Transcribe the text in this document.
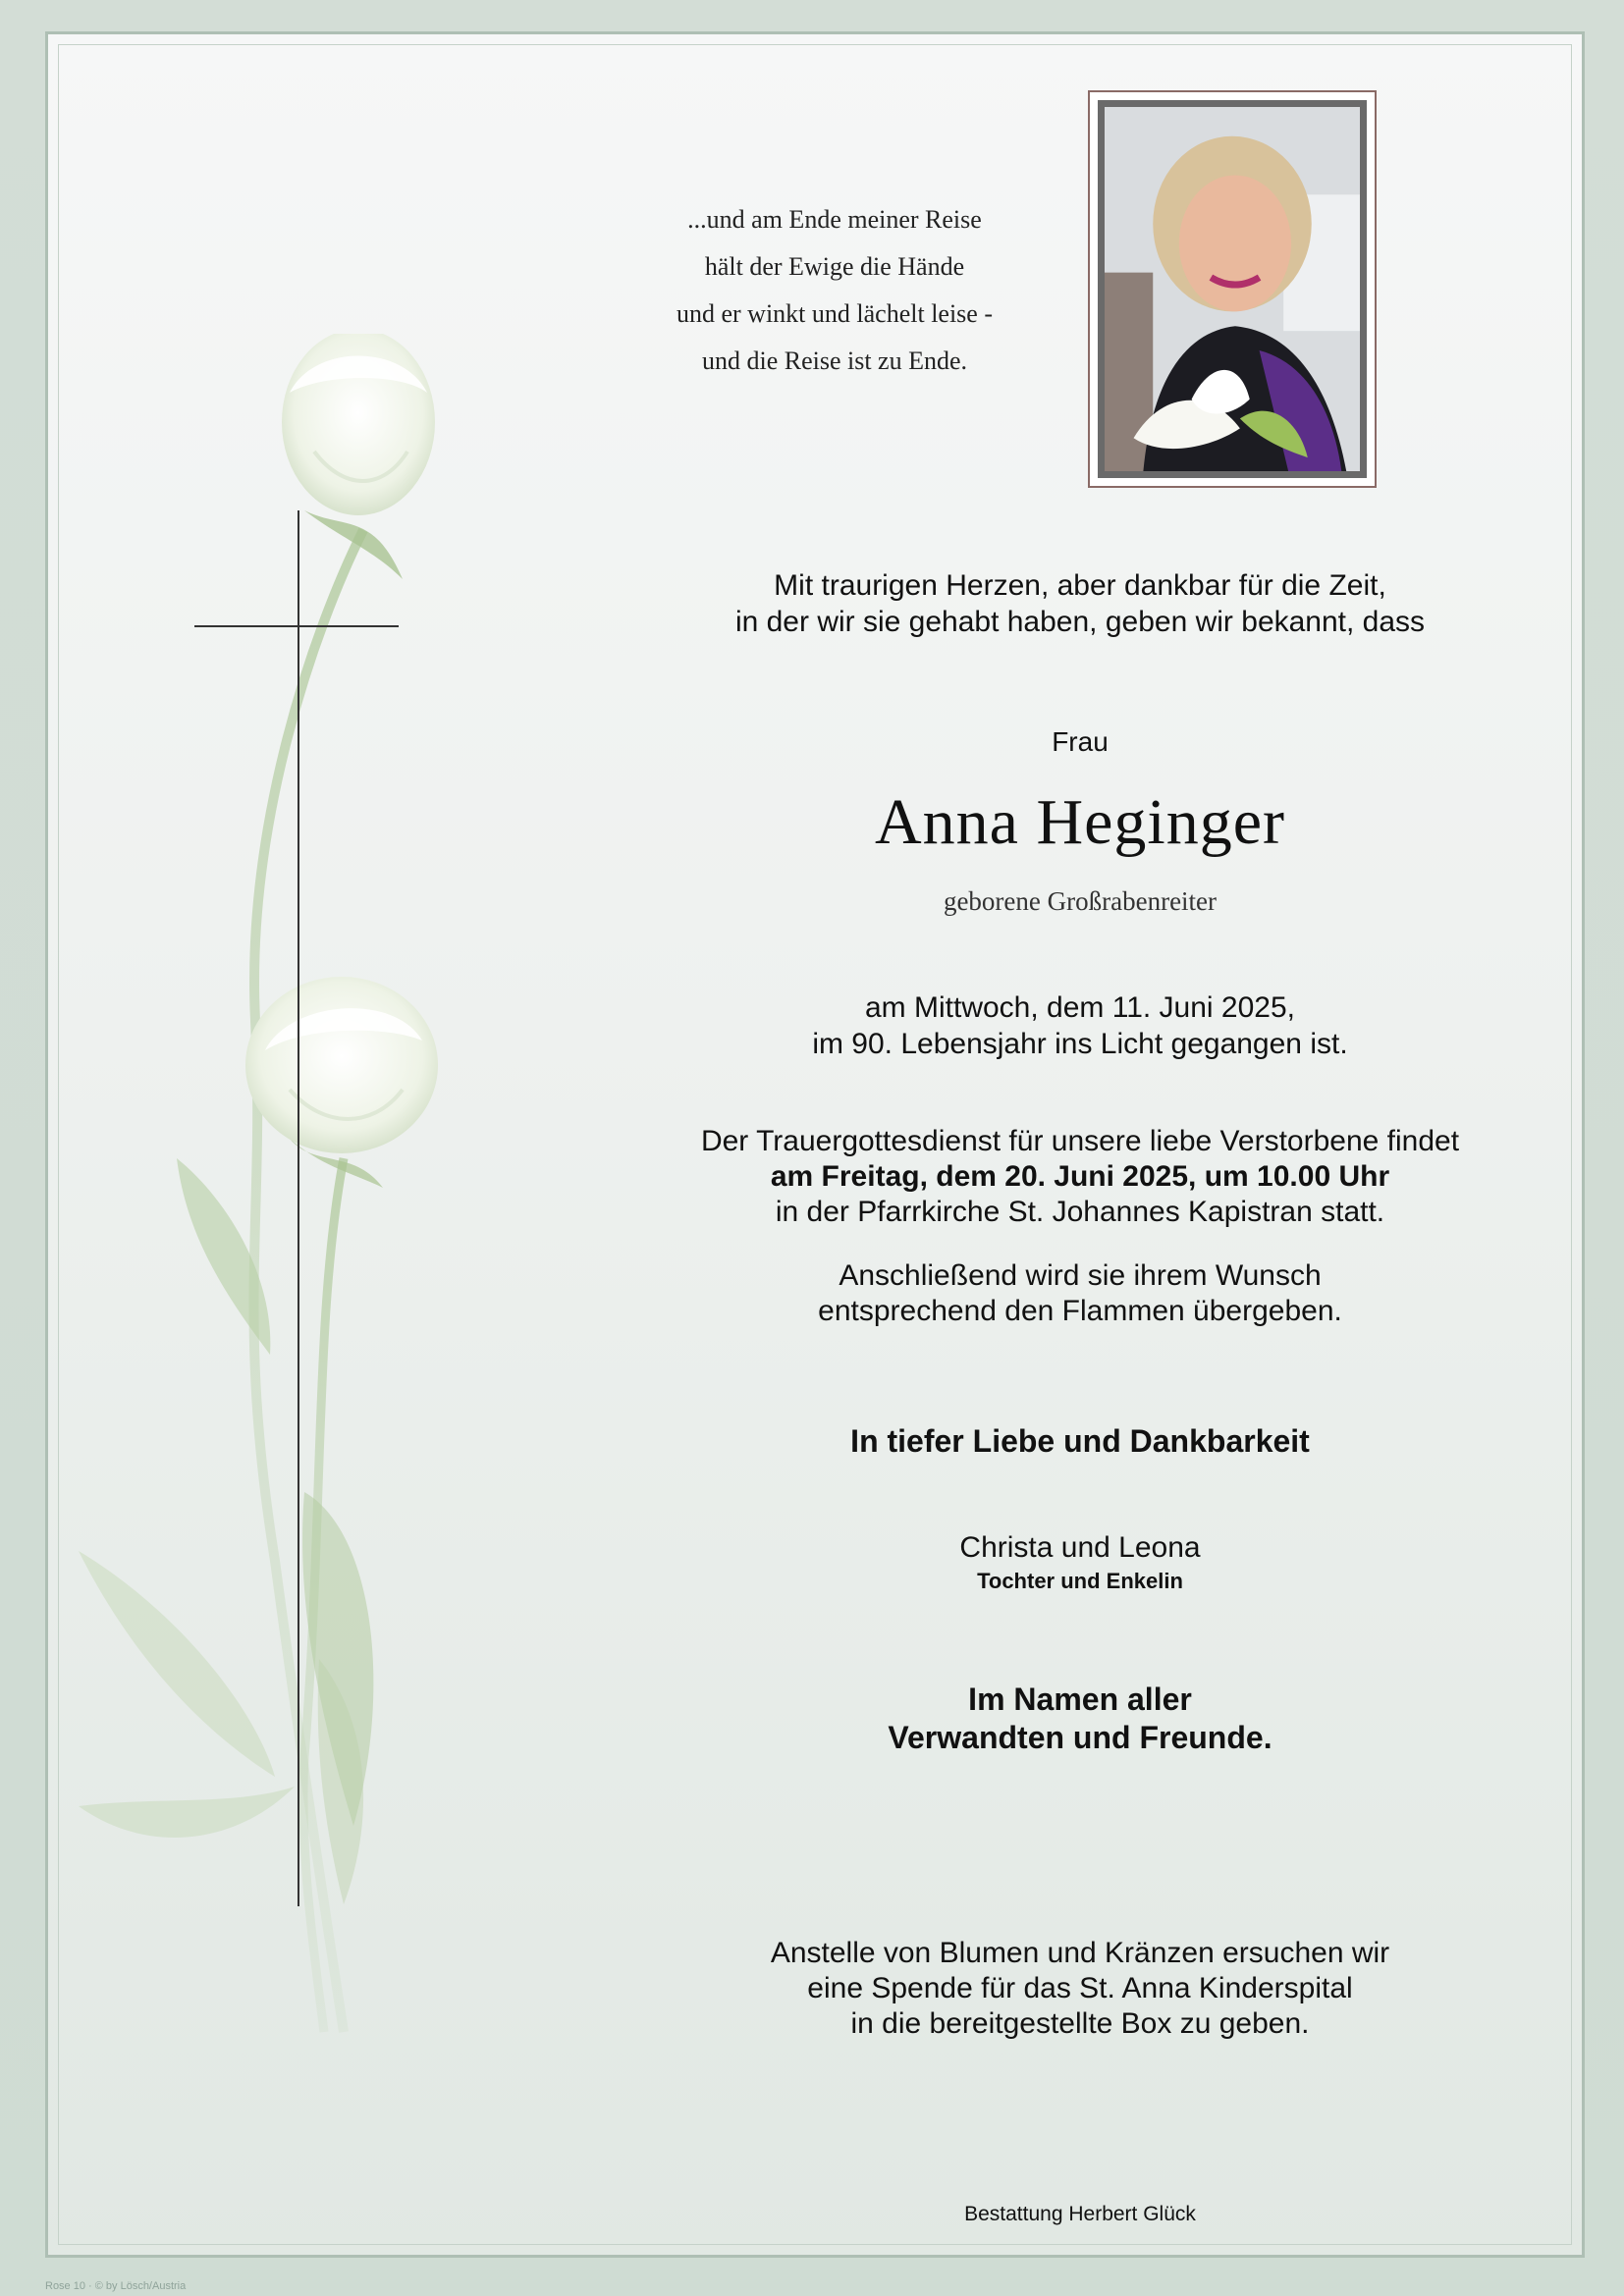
...und am Ende meiner Reise
hält der Ewige die Hände
und er winkt und lächelt leise -
und die Reise ist zu Ende.
Mit traurigen Herzen, aber dankbar für die Zeit,
in der wir sie gehabt haben, geben wir bekannt, dass
Frau
Anna Heginger
geborene Großrabenreiter
am Mittwoch, dem 11. Juni 2025,
im 90. Lebensjahr ins Licht gegangen ist.
Der Trauergottesdienst für unsere liebe Verstorbene findet
am Freitag, dem 20. Juni 2025, um 10.00 Uhr
in der Pfarrkirche St. Johannes Kapistran statt.
Anschließend wird sie ihrem Wunsch
entsprechend den Flammen übergeben.
In tiefer Liebe und Dankbarkeit
Christa und Leona
Tochter und Enkelin
Im Namen aller
Verwandten und Freunde.
Anstelle von Blumen und Kränzen ersuchen wir
eine Spende für das St. Anna Kinderspital
in die bereitgestellte Box zu geben.
Bestattung Herbert Glück
Rose 10 · © by Lösch/Austria
